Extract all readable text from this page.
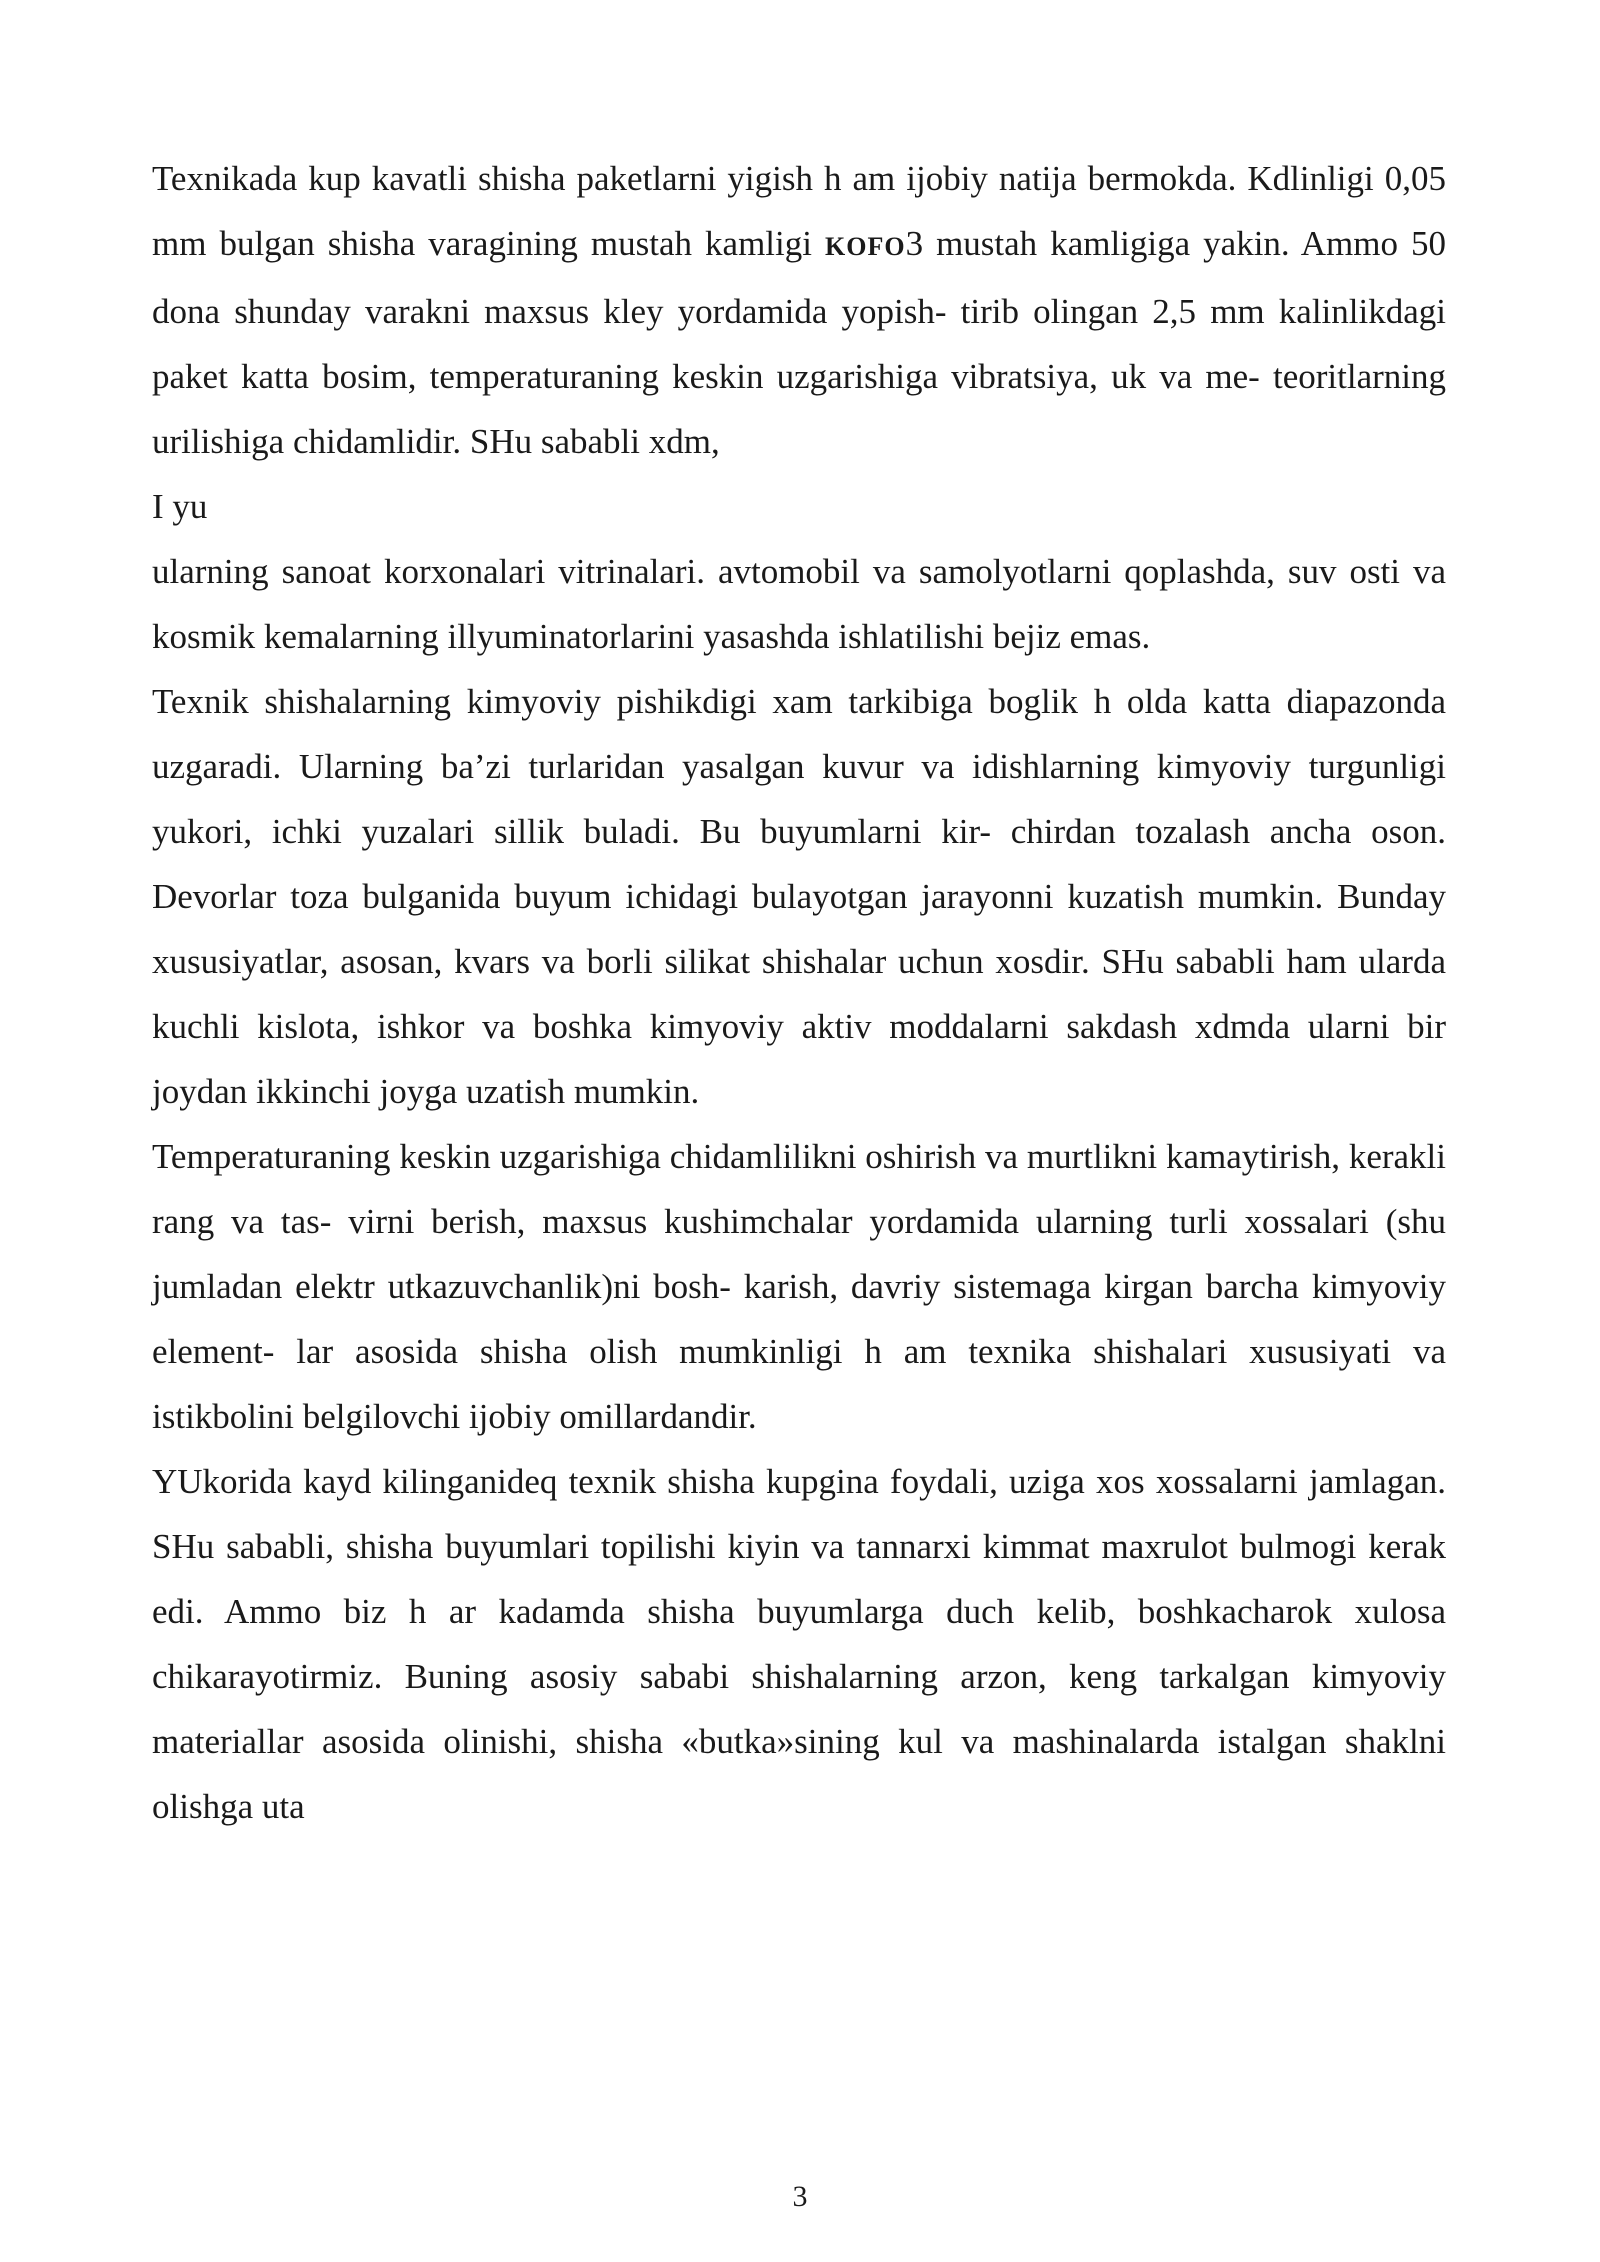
Texnikada kup kavatli shisha paketlarni yigish h am ijobiy natija bermokda. Kdlinligi 0,05 mm bulgan shisha varagining mustah kamligi KOFO3 mustah kamligiga yakin. Ammo 50 dona shunday varakni maxsus kley yordamida yopish- tirib olingan 2,5 mm kalinlikdagi paket katta bosim, temperaturaning keskin uzgarishiga vibratsiya, uk va me- teoritlarning urilishiga chidamlidir. SHu sababli xdm,

I yu

ularning sanoat korxonalari vitrinalari. avtomobil va samolyotlarni qoplashda, suv osti va kosmik kemalarning illyuminatorlarini yasashda ishlatilishi bejiz emas.

Texnik shishalarning kimyoviy pishikdigi xam tarkibiga boglik h olda katta diapazonda uzgaradi. Ularning ba’zi turlaridan yasalgan kuvur va idishlarning kimyoviy turgunligi yukori, ichki yuzalari sillik buladi. Bu buyumlarni kir- chirdan tozalash ancha oson. Devorlar toza bulganida buyum ichidagi bulayotgan jarayonni kuzatish mumkin. Bunday xususiyatlar, asosan, kvars va borli silikat shishalar uchun xosdir. SHu sababli ham ularda kuchli kislota, ishkor va boshka kimyoviy aktiv moddalarni sakdash xdmda ularni bir joydan ikkinchi joyga uzatish mumkin.

Temperaturaning keskin uzgarishiga chidamlilikni oshirish va murtlikni kamaytirish, kerakli rang va tas- virni berish, maxsus kushimchalar yordamida ularning turli xossalari (shu jumladan elektr utkazuvchanlik)ni bosh- karish, davriy sistemaga kirgan barcha kimyoviy element- lar asosida shisha olish mumkinligi h am texnika shishalari xususiyati va istikbolini belgilovchi ijobiy omillardandir.

YUkorida kayd kilinganideq texnik shisha kupgina foydali, uziga xos xossalarni jamlagan. SHu sababli, shisha buyumlari topilishi kiyin va tannarxi kimmat maxrulot bulmogi kerak edi. Ammo biz h ar kadamda shisha buyumlarga duch kelib, boshkacharok xulosa chikarayotirmiz. Buning asosiy sababi shishalarning arzon, keng tarkalgan kimyoviy materiallar asosida olinishi, shisha «butka»sining kul va mashinalarda istalgan shaklni olishga uta

3
